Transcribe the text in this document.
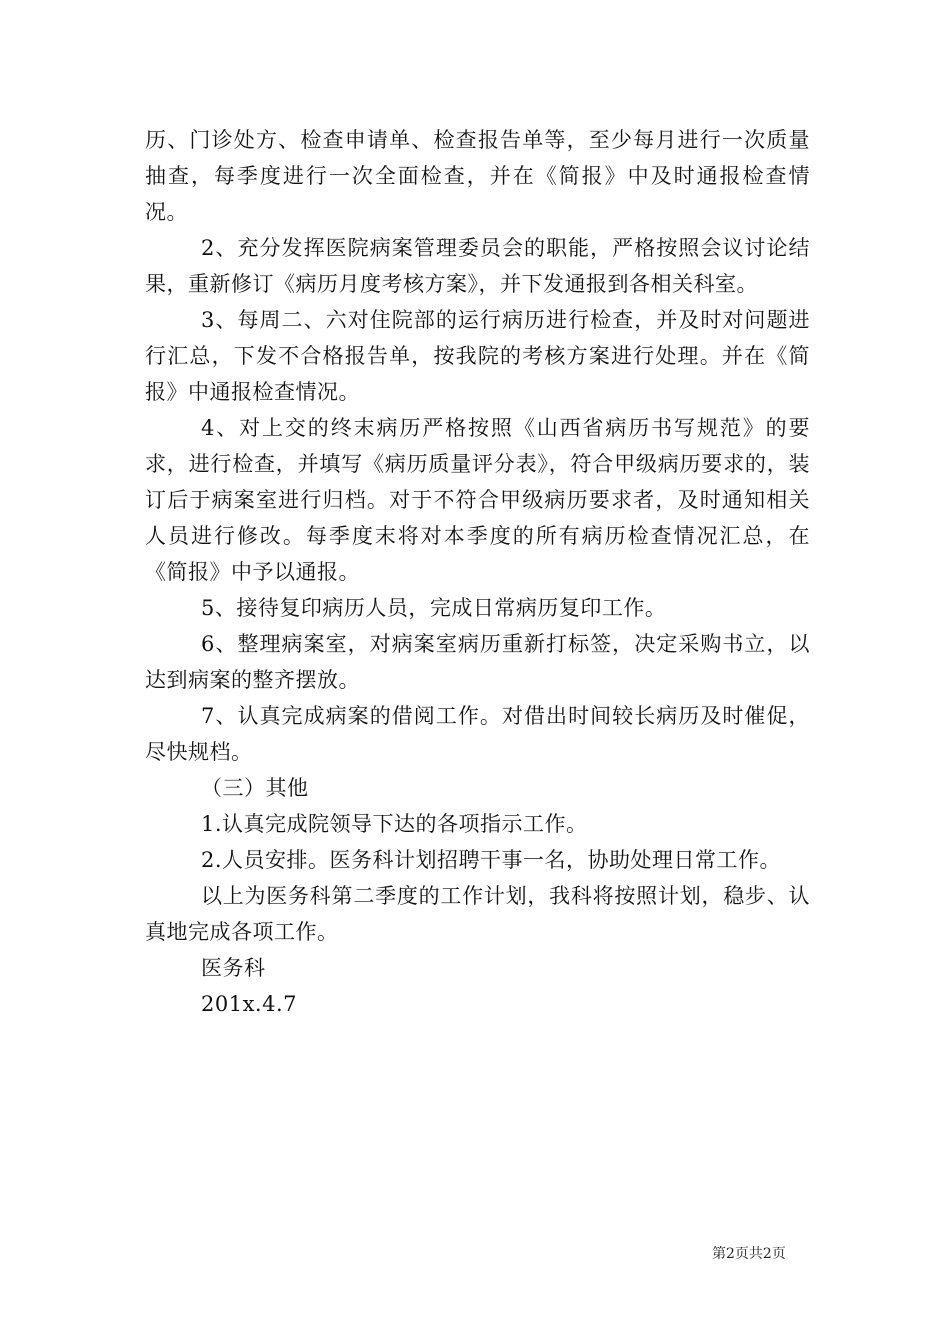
历、门诊处方、检查申请单、检查报告单等，至少每月进行一次质量抽查，每季度进行一次全面检查，并在《简报》中及时通报检查情况。

2、充分发挥医院病案管理委员会的职能，严格按照会议讨论结果，重新修订《病历月度考核方案》，并下发通报到各相关科室。

3、每周二、六对住院部的运行病历进行检查，并及时对问题进行汇总，下发不合格报告单，按我院的考核方案进行处理。并在《简报》中通报检查情况。

4、对上交的终末病历严格按照《山西省病历书写规范》的要求，进行检查，并填写《病历质量评分表》，符合甲级病历要求的，装订后于病案室进行归档。对于不符合甲级病历要求者，及时通知相关人员进行修改。每季度末将对本季度的所有病历检查情况汇总，在《简报》中予以通报。

5、接待复印病历人员，完成日常病历复印工作。

6、整理病案室，对病案室病历重新打标签，决定采购书立，以达到病案的整齐摆放。

7、认真完成病案的借阅工作。对借出时间较长病历及时催促，尽快规档。

（三）其他

1.认真完成院领导下达的各项指示工作。

2.人员安排。医务科计划招聘干事一名，协助处理日常工作。

以上为医务科第二季度的工作计划，我科将按照计划，稳步、认真地完成各项工作。

医务科

201x.4.7

第2页共2页
